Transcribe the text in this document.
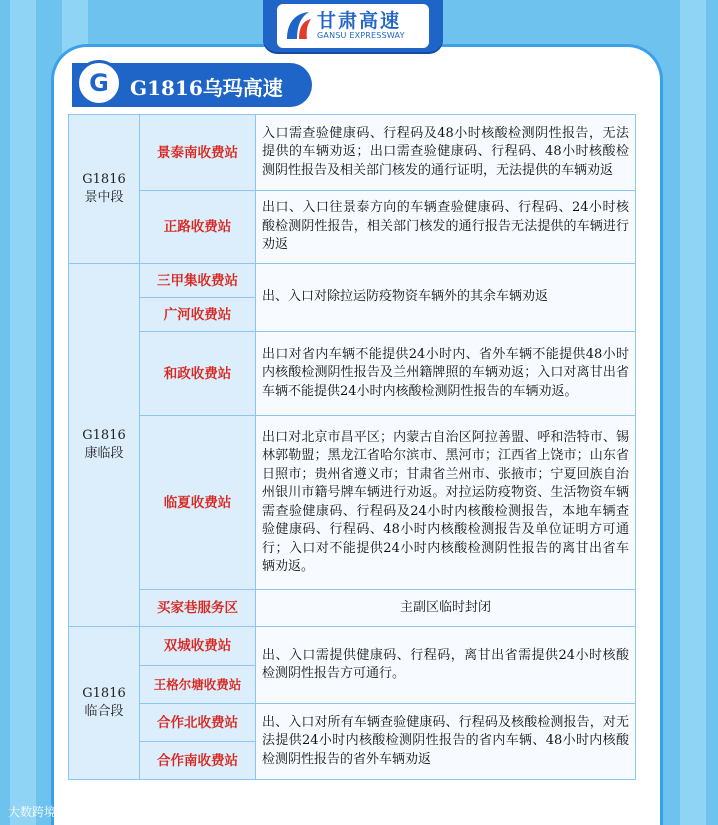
甘肃高速
GANSU EXPRESSWAY
G	G1816乌玛高速
G1816
景中段	景泰南收费站	入口需查验健康码、行程码及48小时核酸检测阴性报告，无法提供的车辆劝返；出口需查验健康码、行程码、48小时核酸检测阴性报告及相关部门核发的通行证明，无法提供的车辆劝返
	正路收费站	出口、入口往景泰方向的车辆查验健康码、行程码、24小时核酸检测阴性报告，相关部门核发的通行报告无法提供的车辆进行劝返
G1816
康临段	三甲集收费站	出、入口对除拉运防疫物资车辆外的其余车辆劝返
	广河收费站	
	和政收费站	出口对省内车辆不能提供24小时内、省外车辆不能提供48小时内核酸检测阴性报告及兰州籍牌照的车辆劝返；入口对离甘出省车辆不能提供24小时内核酸检测阴性报告的车辆劝返。
	临夏收费站	出口对北京市昌平区；内蒙古自治区阿拉善盟、呼和浩特市、锡林郭勒盟；黑龙江省哈尔滨市、黑河市；江西省上饶市；山东省日照市；贵州省遵义市；甘肃省兰州市、张掖市；宁夏回族自治州银川市籍号牌车辆进行劝返。对拉运防疫物资、生活物资车辆需查验健康码、行程码及24小时内核酸检测报告，本地车辆查验健康码、行程码、48小时内核酸检测报告及单位证明方可通行；入口对不能提供24小时内核酸检测阴性报告的离甘出省车辆劝返。
	买家巷服务区	主副区临时封闭
G1816
临合段	双城收费站	出、入口需提供健康码、行程码，离甘出省需提供24小时核酸检测阴性报告方可通行。
	王格尔塘收费站	
	合作北收费站	出、入口对所有车辆查验健康码、行程码及核酸检测报告，对无法提供24小时内核酸检测阴性报告的省内车辆、48小时内核酸检测阴性报告的省外车辆劝返
	合作南收费站	
大数跨境
